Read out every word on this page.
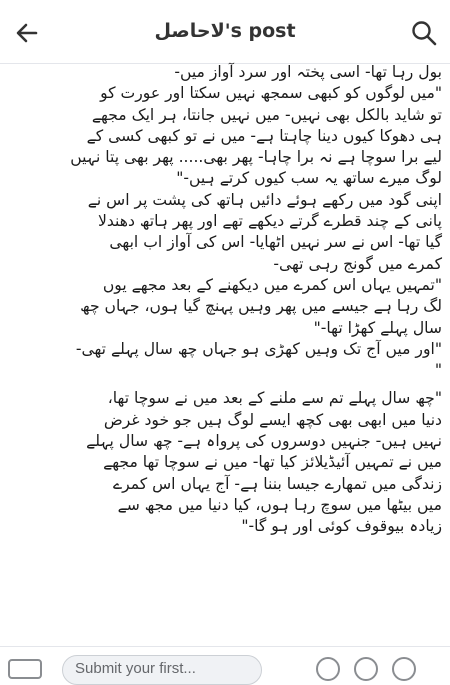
لاحاصل's post

بول رہا تھا- اسی پختہ اور سرد آواز میں-
"میں لوگوں کو کبھی سمجھ نہیں سکتا اور عورت کو
تو شاید بالکل بھی نہیں- میں نہیں جانتا، ہر ایک مجھے
ہی دھوکا کیوں دینا چاہتا ہے- میں نے تو کبھی کسی کے
لیے برا سوچا ہے نہ برا چاہا- پھر بھی..... پھر بھی پتا نہیں
لوگ میرے ساتھ یہ سب کیوں کرتے ہیں-"
اپنی گود میں رکھے ہوئے دائیں ہاتھ کی پشت پر اس نے
پانی کے چند قطرے گرتے دیکھے تھے اور پھر ہاتھ دھندلا
گیا تھا- اس نے سر نہیں اٹھایا- اس کی آواز اب ابھی
کمرے میں گونج رہی تھی-
"تمہیں یہاں اس کمرے میں دیکھنے کے بعد مجھے یوں
لگ رہا ہے جیسے میں پھر وہیں پہنچ گیا ہوں، جہاں چھ
سال پہلے کھڑا تھا-"
"اور میں آج تک وہیں کھڑی ہو جہاں چھ سال پہلے تھی-
"

"چھ سال پہلے تم سے ملنے کے بعد میں نے سوچا تھا،
دنیا میں ابھی بھی کچھ ایسے لوگ ہیں جو خود غرض
نہیں ہیں- جنہیں دوسروں کی پرواہ ہے- چھ سال پہلے
میں نے تمہیں آئیڈیلائز کیا تھا- میں نے سوچا تھا مجھے
زندگی میں تمھارے جیسا بننا ہے- آج یہاں اس کمرے
میں بیٹھا میں سوچ رہا ہوں، کیا دنیا میں مجھ سے
زیادہ بیوقوف کوئی اور ہو گا-"

Submit your first...
